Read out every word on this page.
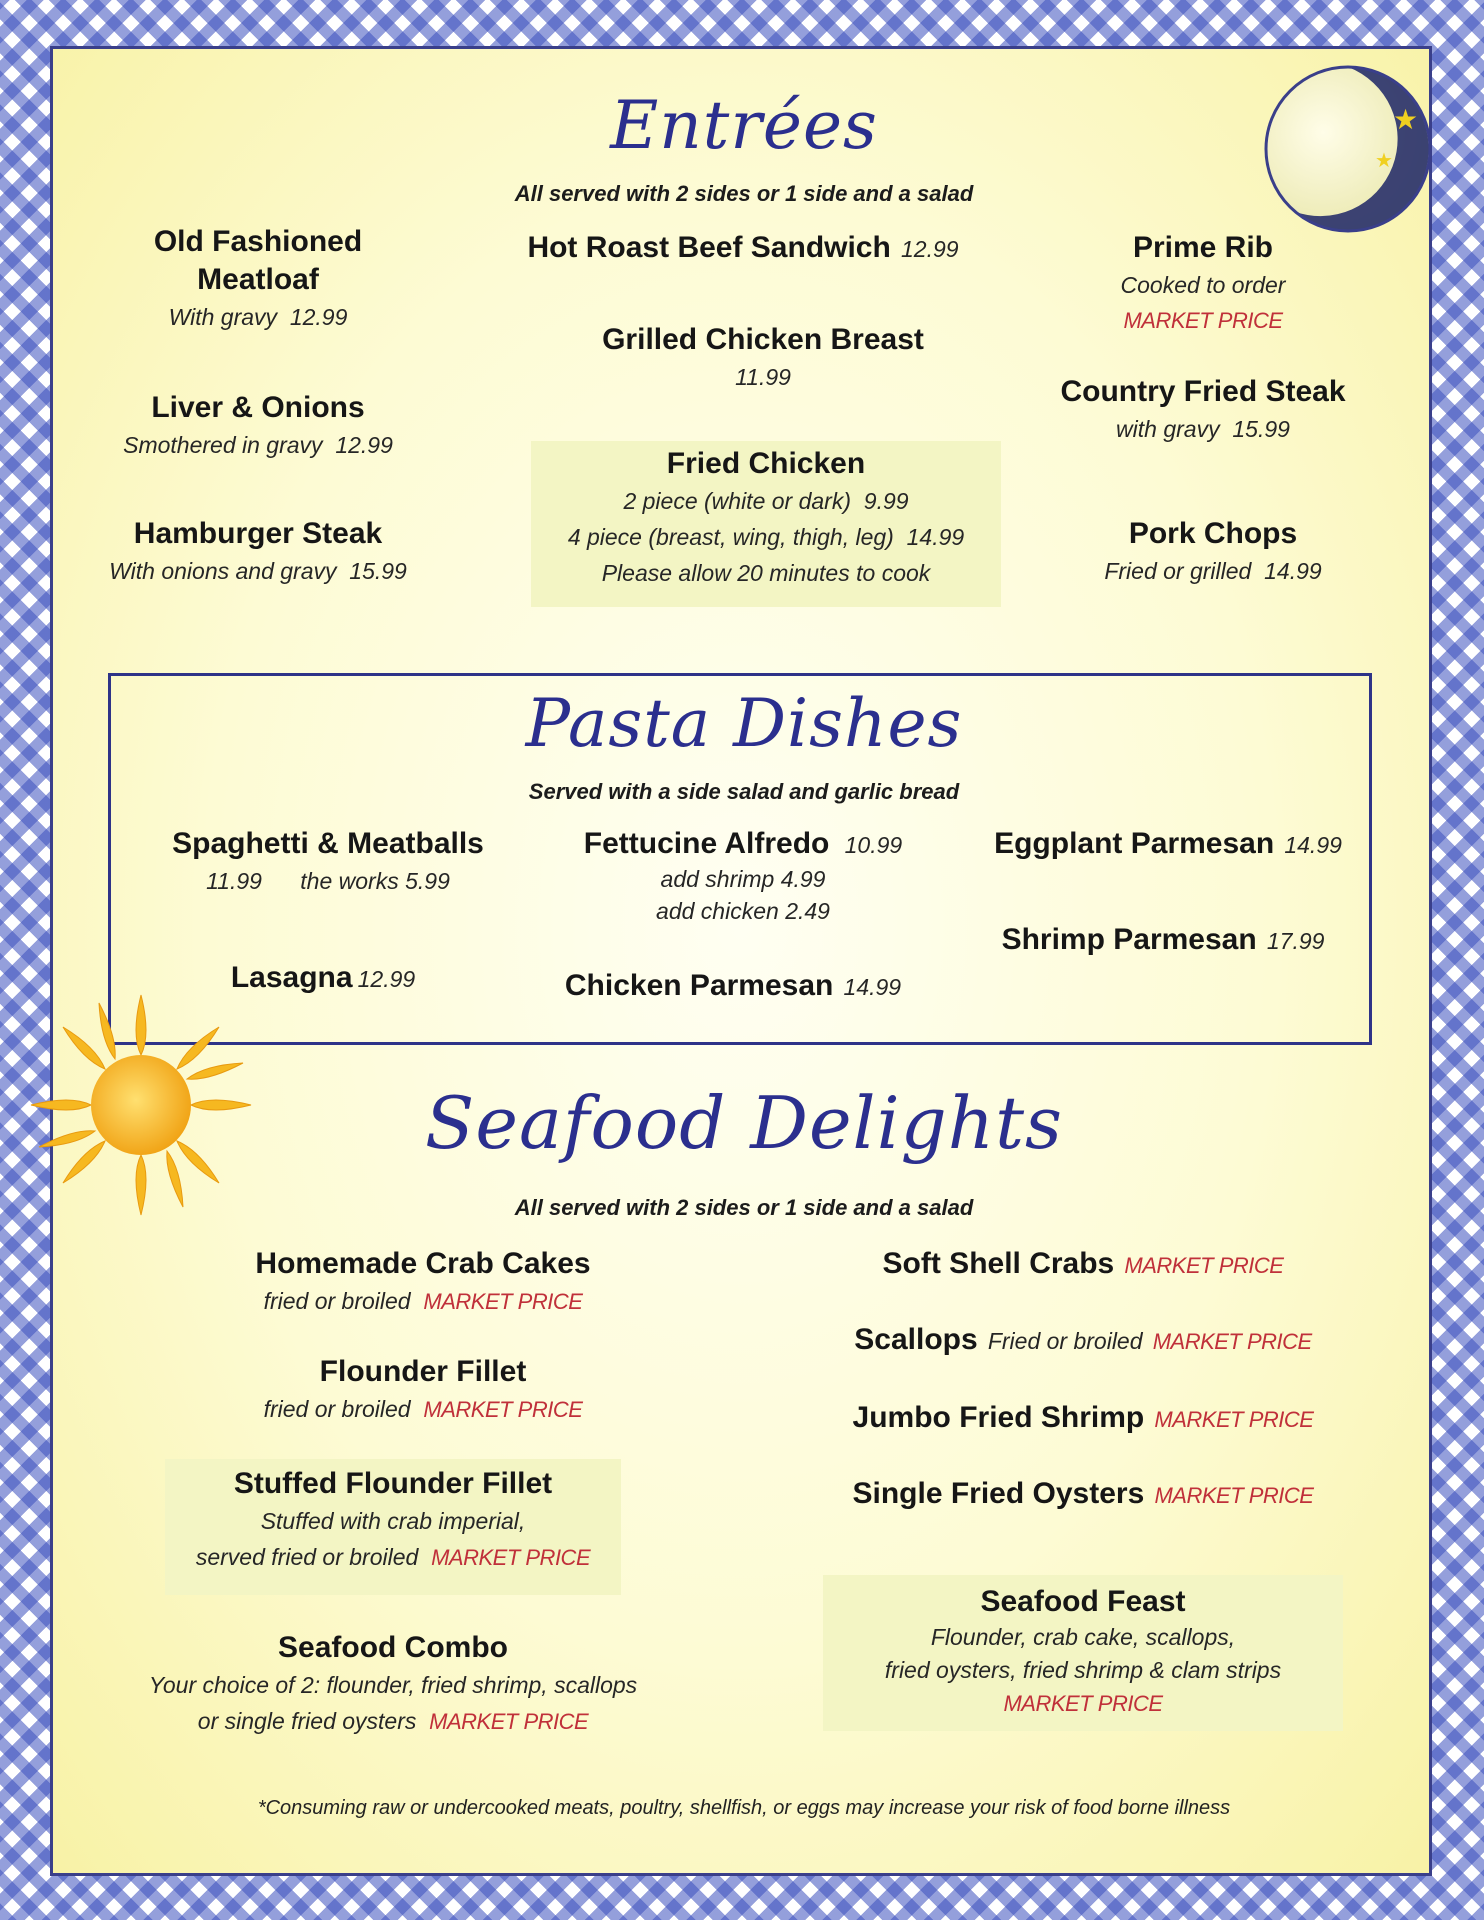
★
★
Entrées
All served with 2 sides or 1 side and a salad
Old Fashioned
Meatloaf
With gravy 12.99
Liver & Onions
Smothered in gravy 12.99
Hamburger Steak
With onions and gravy 15.99
Hot Roast Beef Sandwich 12.99
Grilled Chicken Breast
11.99
Fried Chicken
2 piece (white or dark) 9.99
4 piece (breast, wing, thigh, leg) 14.99
Please allow 20 minutes to cook
Prime Rib
Cooked to order
MARKET PRICE
Country Fried Steak
with gravy 15.99
Pork Chops
Fried or grilled 14.99
Pasta Dishes
Served with a side salad and garlic bread
Spaghetti & Meatballs
11.99 the works 5.99
Lasagna 12.99
Fettucine Alfredo 10.99
add shrimp 4.99
add chicken 2.49
Chicken Parmesan 14.99
Eggplant Parmesan 14.99
Shrimp Parmesan 17.99
Seafood Delights
All served with 2 sides or 1 side and a salad
Homemade Crab Cakes
fried or broiled MARKET PRICE
Flounder Fillet
fried or broiled MARKET PRICE
Stuffed Flounder Fillet
Stuffed with crab imperial,
served fried or broiled MARKET PRICE
Seafood Combo
Your choice of 2: flounder, fried shrimp, scallops
or single fried oysters MARKET PRICE
Soft Shell Crabs MARKET PRICE
Scallops Fried or broiled MARKET PRICE
Jumbo Fried Shrimp MARKET PRICE
Single Fried Oysters MARKET PRICE
Seafood Feast
Flounder, crab cake, scallops,
fried oysters, fried shrimp & clam strips
MARKET PRICE
*Consuming raw or undercooked meats, poultry, shellfish, or eggs may increase your risk of food borne illness
